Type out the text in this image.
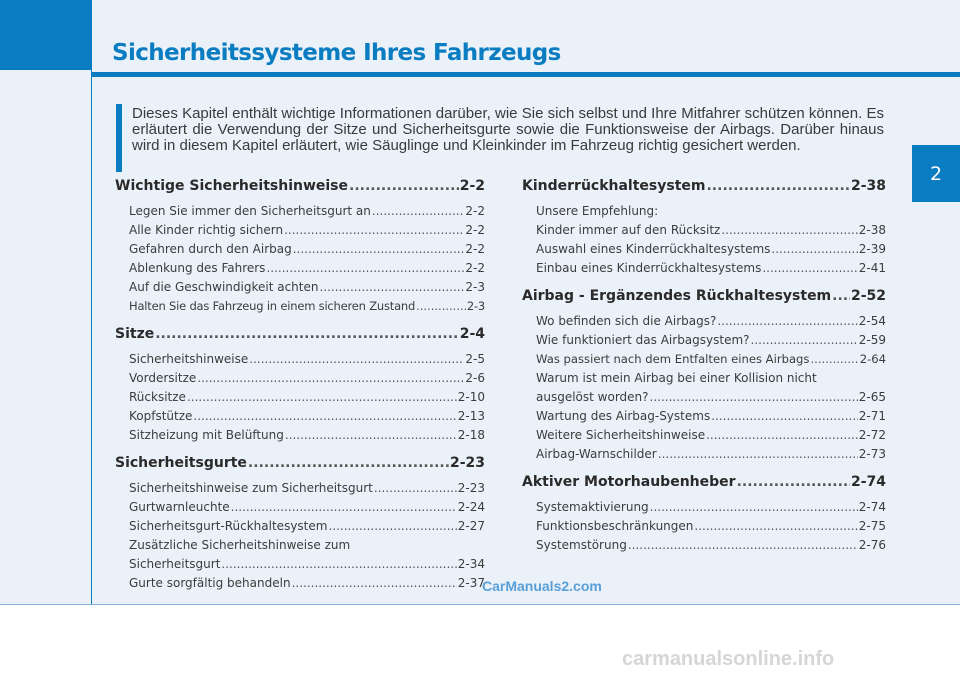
Sicherheitssysteme Ihres Fahrzeugs
2

Dieses Kapitel enthält wichtige Informationen darüber, wie Sie sich selbst und Ihre Mitfahrer schützen können. Es erläutert die Verwendung der Sitze und Sicherheitsgurte sowie die Funktionsweise der Airbags. Darüber hinaus wird in diesem Kapitel erläutert, wie Säuglinge und Kleinkinder im Fahrzeug richtig gesichert werden.

Wichtige Sicherheitshinweise .....	2-2
Legen Sie immer den Sicherheitsgurt an .....	2-2
Alle Kinder richtig sichern .....	2-2
Gefahren durch den Airbag .....	2-2
Ablenkung des Fahrers .....	2-2
Auf die Geschwindigkeit achten .....	2-3
Halten Sie das Fahrzeug in einem sicheren Zustand .....	2-3
Sitze .....	2-4
Sicherheitshinweise .....	2-5
Vordersitze .....	2-6
Rücksitze .....	2-10
Kopfstütze .....	2-13
Sitzheizung mit Belüftung .....	2-18
Sicherheitsgurte .....	2-23
Sicherheitshinweise zum Sicherheitsgurt .....	2-23
Gurtwarnleuchte .....	2-24
Sicherheitsgurt-Rückhaltesystem .....	2-27
Zusätzliche Sicherheitshinweise zum
Sicherheitsgurt .....	2-34
Gurte sorgfältig behandeln .....	2-37
Kinderrückhaltesystem .....	2-38
Unsere Empfehlung:
Kinder immer auf den Rücksitz .....	2-38
Auswahl eines Kinderrückhaltesystems .....	2-39
Einbau eines Kinderrückhaltesystems .....	2-41
Airbag - Ergänzendes Rückhaltesystem ..... 2-52
Wo befinden sich die Airbags? .....	2-54
Wie funktioniert das Airbagsystem? .....	2-59
Was passiert nach dem Entfalten eines Airbags .....	2-64
Warum ist mein Airbag bei einer Kollision nicht
ausgelöst worden? .....	2-65
Wartung des Airbag-Systems .....	2-71
Weitere Sicherheitshinweise .....	2-72
Airbag-Warnschilder .....	2-73
Aktiver Motorhaubenheber .....	2-74
Systemaktivierung .....	2-74
Funktionsbeschränkungen .....	2-75
Systemstörung .....	2-76
CarManuals2.com
carmanualsonline.info
